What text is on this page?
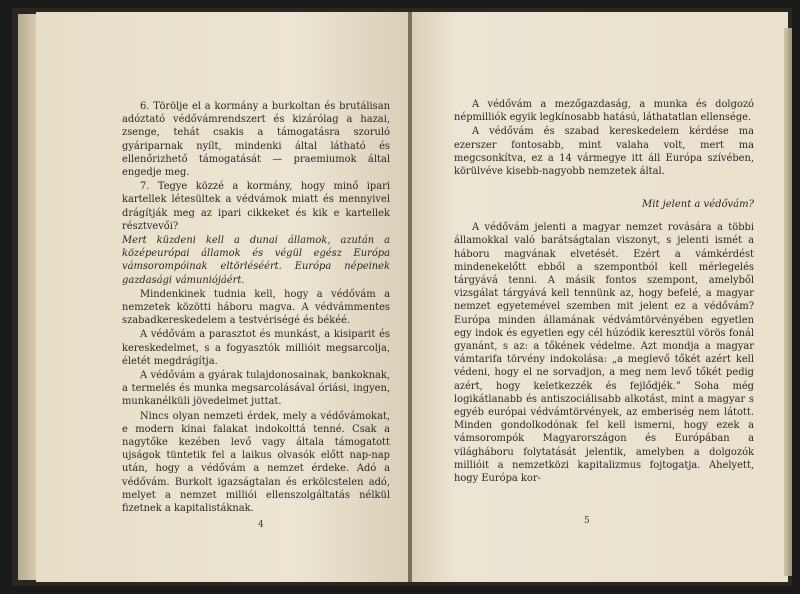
6. Törölje el a kormány a burkoltan és brutálisan adóztató védővámrendszert és kizárólag a hazai, zsenge, tehát csakis a támogatásra szoruló gyáriparnak nyílt, mindenki által látható és ellenőrizhető támogatását — praemiumok által engedje meg.

7. Tegye közzé a kormány, hogy minő ipari kartellek létesültek a védvámok miatt és mennyivel drágítják meg az ipari cikkeket és kik e kartellek résztvevői?

Mert küzdeni kell a dunai államok, azután a középeurópai államok és végül egész Európa vámsorompóinak eltörléséért. Európa népeinek gazdasági vámuniójáért.

Mindenkinek tudnia kell, hogy a védővám a nemzetek közötti háboru magva. A védvámmentes szabadkereskedelem a testvériségé és békéé.

A védővám a parasztot és munkást, a kisiparit és kereskedelmet, s a fogyasztók millióit megsarcolja, életét megdrágítja.

A védővám a gyárak tulajdonosainak, bankoknak, a termelés és munka megsarcolásával óriási, ingyen, munkanélküli jövedelmet juttat.

Nincs olyan nemzeti érdek, mely a védővámokat, e modern kinai falakat indokolttá tenné. Csak a nagytőke kezében levő vagy általa támogatott ujságok tüntetik fel a laikus olvasók előtt nap-nap után, hogy a védővám a nemzet érdeke. Adó a védővám. Burkolt igazságtalan és erkölcstelen adó, melyet a nemzet milliói ellenszolgáltatás nélkül fizetnek a kapitalistáknak.

4

A védővám a mezőgazdaság, a munka és dolgozó népmilliók egyik legkínosabb hatású, láthatatlan ellensége.

A védővám és szabad kereskedelem kérdése ma ezerszer fontosabb, mint valaha volt, mert ma megcsonkítva, ez a 14 vármegye itt áll Európa szívében, körülvéve kisebb-nagyobb nemzetek által.

Mit jelent a védővám?

A védővám jelenti a magyar nemzet rovására a többi államokkal való barátságtalan viszonyt, s jelenti ismét a háboru magvának elvetését. Ezért a vámkérdést mindenekelőtt ebből a szempontból kell mérlegelés tárgyává tenni. A másik fontos szempont, amelyből vizsgálat tárgyává kell tennünk az, hogy befelé, a magyar nemzet egyetemével szemben mit jelent ez a védővám? Európa minden államának védvámtörvényében egyetlen egy indok és egyetlen egy cél húzódik keresztül vörös fonál gyanánt, s az: a tőkének védelme. Azt mondja a magyar vámtarifa törvény indokolása: „a meglevő tőkét azért kell védeni, hogy el ne sorvadjon, a meg nem levő tőkét pedig azért, hogy keletkezzék és fejlődjék.” Soha még logikátlanabb és antiszociálisabb alkotást, mint a magyar s egyéb európai védvámtörvények, az emberiség nem látott. Minden gondolkodónak fel kell ismerni, hogy ezek a vámsorompók Magyarországon és Európában a világháboru folytatását jelentik, amelyben a dolgozók millióit a nemzetközi kapitalizmus fojtogatja. Ahelyett, hogy Európa kor-

5
